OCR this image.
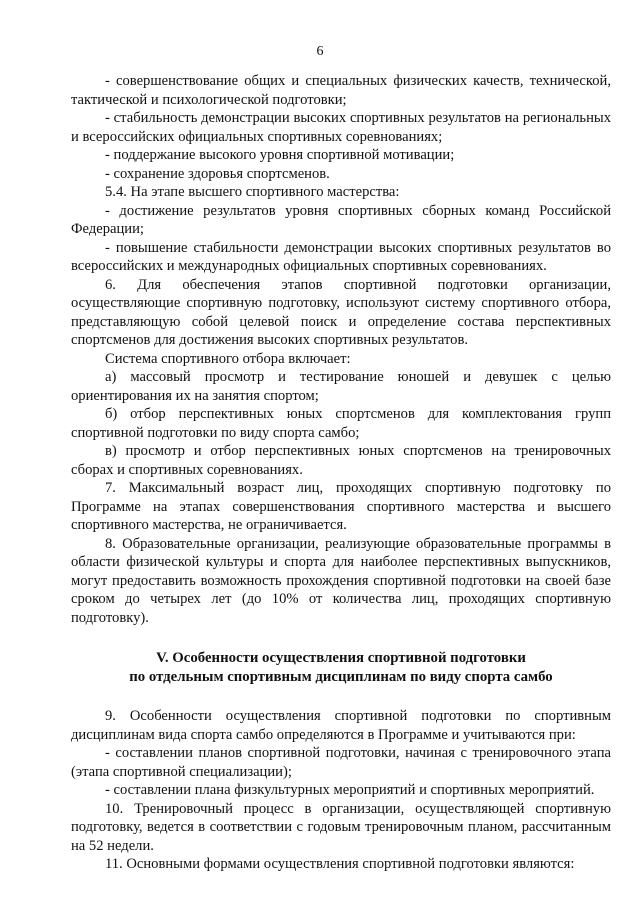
6

- совершенствование общих и специальных физических качеств, технической, тактической и психологической подготовки;

- стабильность демонстрации высоких спортивных результатов на региональных и всероссийских официальных спортивных соревнованиях;

- поддержание высокого уровня спортивной мотивации;

- сохранение здоровья спортсменов.

5.4. На этапе высшего спортивного мастерства:

- достижение результатов уровня спортивных сборных команд Российской Федерации;

- повышение стабильности демонстрации высоких спортивных результатов во всероссийских и международных официальных спортивных соревнованиях.

6. Для обеспечения этапов спортивной подготовки организации, осуществляющие спортивную подготовку, используют систему спортивного отбора, представляющую собой целевой поиск и определение состава перспективных спортсменов для достижения высоких спортивных результатов.

Система спортивного отбора включает:

а) массовый просмотр и тестирование юношей и девушек с целью ориентирования их на занятия спортом;

б) отбор перспективных юных спортсменов для комплектования групп спортивной подготовки по виду спорта самбо;

в) просмотр и отбор перспективных юных спортсменов на тренировочных сборах и спортивных соревнованиях.

7. Максимальный возраст лиц, проходящих спортивную подготовку по Программе на этапах совершенствования спортивного мастерства и высшего спортивного мастерства, не ограничивается.

8. Образовательные организации, реализующие образовательные программы в области физической культуры и спорта для наиболее перспективных выпускников, могут предоставить возможность прохождения спортивной подготовки на своей базе сроком до четырех лет (до 10% от количества лиц, проходящих спортивную подготовку).

V. Особенности осуществления спортивной подготовки
по отдельным спортивным дисциплинам по виду спорта самбо

9. Особенности осуществления спортивной подготовки по спортивным дисциплинам вида спорта самбо определяются в Программе и учитываются при:

- составлении планов спортивной подготовки, начиная с тренировочного этапа (этапа спортивной специализации);

- составлении плана физкультурных мероприятий и спортивных мероприятий.

10. Тренировочный процесс в организации, осуществляющей спортивную подготовку, ведется в соответствии с годовым тренировочным планом, рассчитанным на 52 недели.

11. Основными формами осуществления спортивной подготовки являются:
